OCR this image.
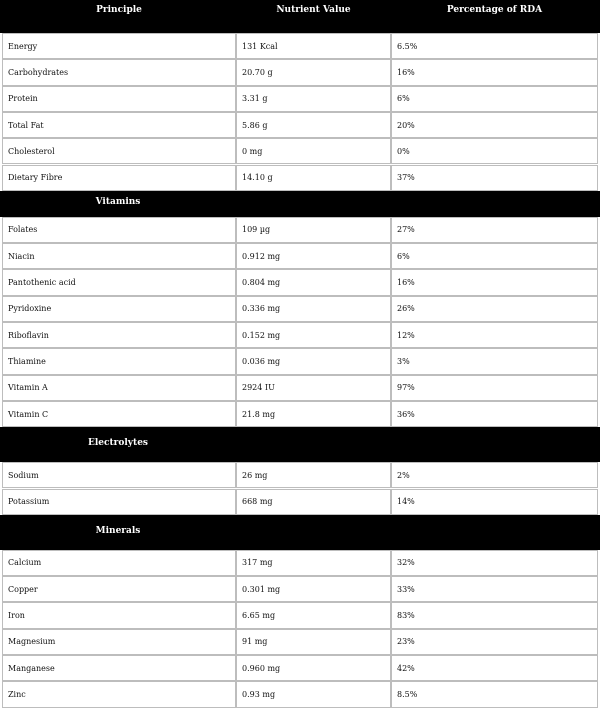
Principle	Nutrient Value	Percentage of RDA
Energy	131 Kcal	6.5%
Carbohydrates	20.70 g	16%
Protein	3.31 g	6%
Total Fat	5.86 g	20%
Cholesterol	0 mg	0%
Dietary Fibre	14.10 g	37%
Vitamins
Folates	109 µg	27%
Niacin	0.912 mg	6%
Pantothenic acid	0.804 mg	16%
Pyridoxine	0.336 mg	26%
Riboflavin	0.152 mg	12%
Thiamine	0.036 mg	3%
Vitamin A	2924 IU	97%
Vitamin C	21.8 mg	36%
Electrolytes
Sodium	26 mg	2%
Potassium	668 mg	14%
Minerals
Calcium	317 mg	32%
Copper	0.301 mg	33%
Iron	6.65 mg	83%
Magnesium	91 mg	23%
Manganese	0.960 mg	42%
Zinc	0.93 mg	8.5%
